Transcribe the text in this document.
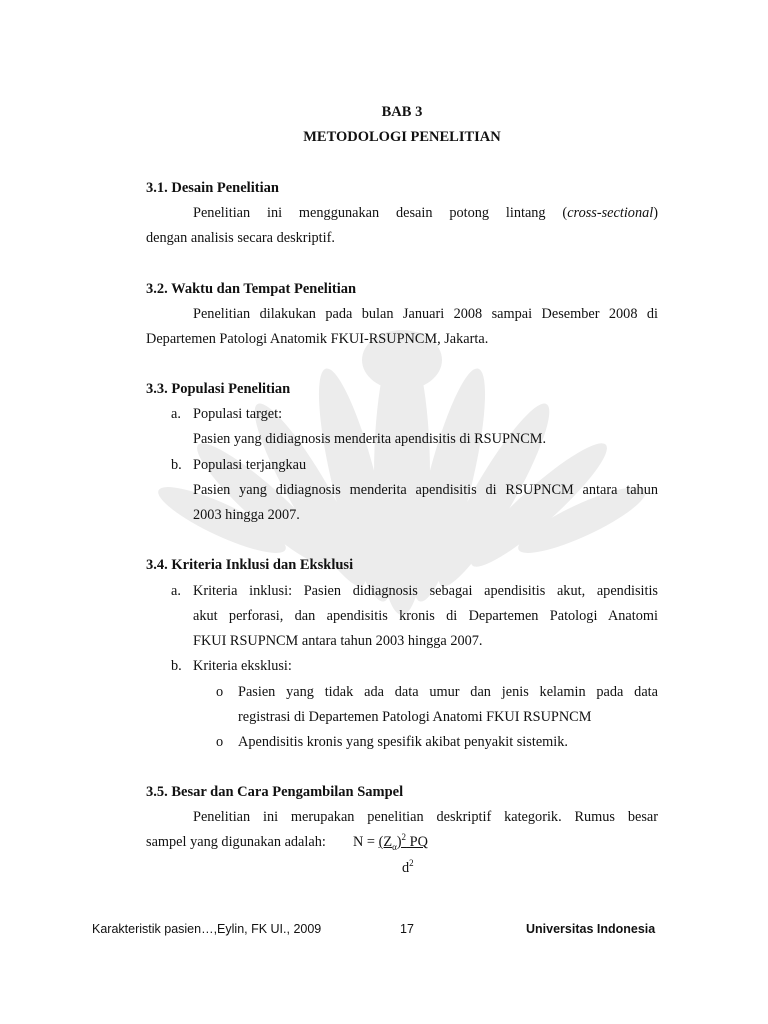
BAB 3
METODOLOGI PENELITIAN
3.1. Desain Penelitian
Penelitian ini menggunakan desain potong lintang (cross-sectional)
dengan analisis secara deskriptif.
3.2. Waktu dan Tempat Penelitian
Penelitian dilakukan pada bulan Januari 2008 sampai Desember 2008 di
Departemen Patologi Anatomik FKUI-RSUPNCM, Jakarta.
3.3. Populasi Penelitian
a. Populasi target:
Pasien yang didiagnosis menderita apendisitis di RSUPNCM.
b. Populasi terjangkau
Pasien yang didiagnosis menderita apendisitis di RSUPNCM antara tahun
2003 hingga 2007.
3.4. Kriteria Inklusi dan Eksklusi
a. Kriteria inklusi: Pasien didiagnosis sebagai apendisitis akut, apendisitis
akut perforasi, dan apendisitis kronis di Departemen Patologi Anatomi
FKUI RSUPNCM antara tahun 2003 hingga 2007.
b. Kriteria eksklusi:
o Pasien yang tidak ada data umur dan jenis kelamin pada data
registrasi di Departemen Patologi Anatomi FKUI RSUPNCM
o Apendisitis kronis yang spesifik akibat penyakit sistemik.
3.5. Besar dan Cara Pengambilan Sampel
Penelitian ini merupakan penelitian deskriptif kategorik. Rumus besar
sampel yang digunakan adalah: $N = (Z_\alpha)^2$ PQ
$d^2$
Karakteristik pasien…,Eylin, FK UI., 2009	17	Universitas Indonesia
